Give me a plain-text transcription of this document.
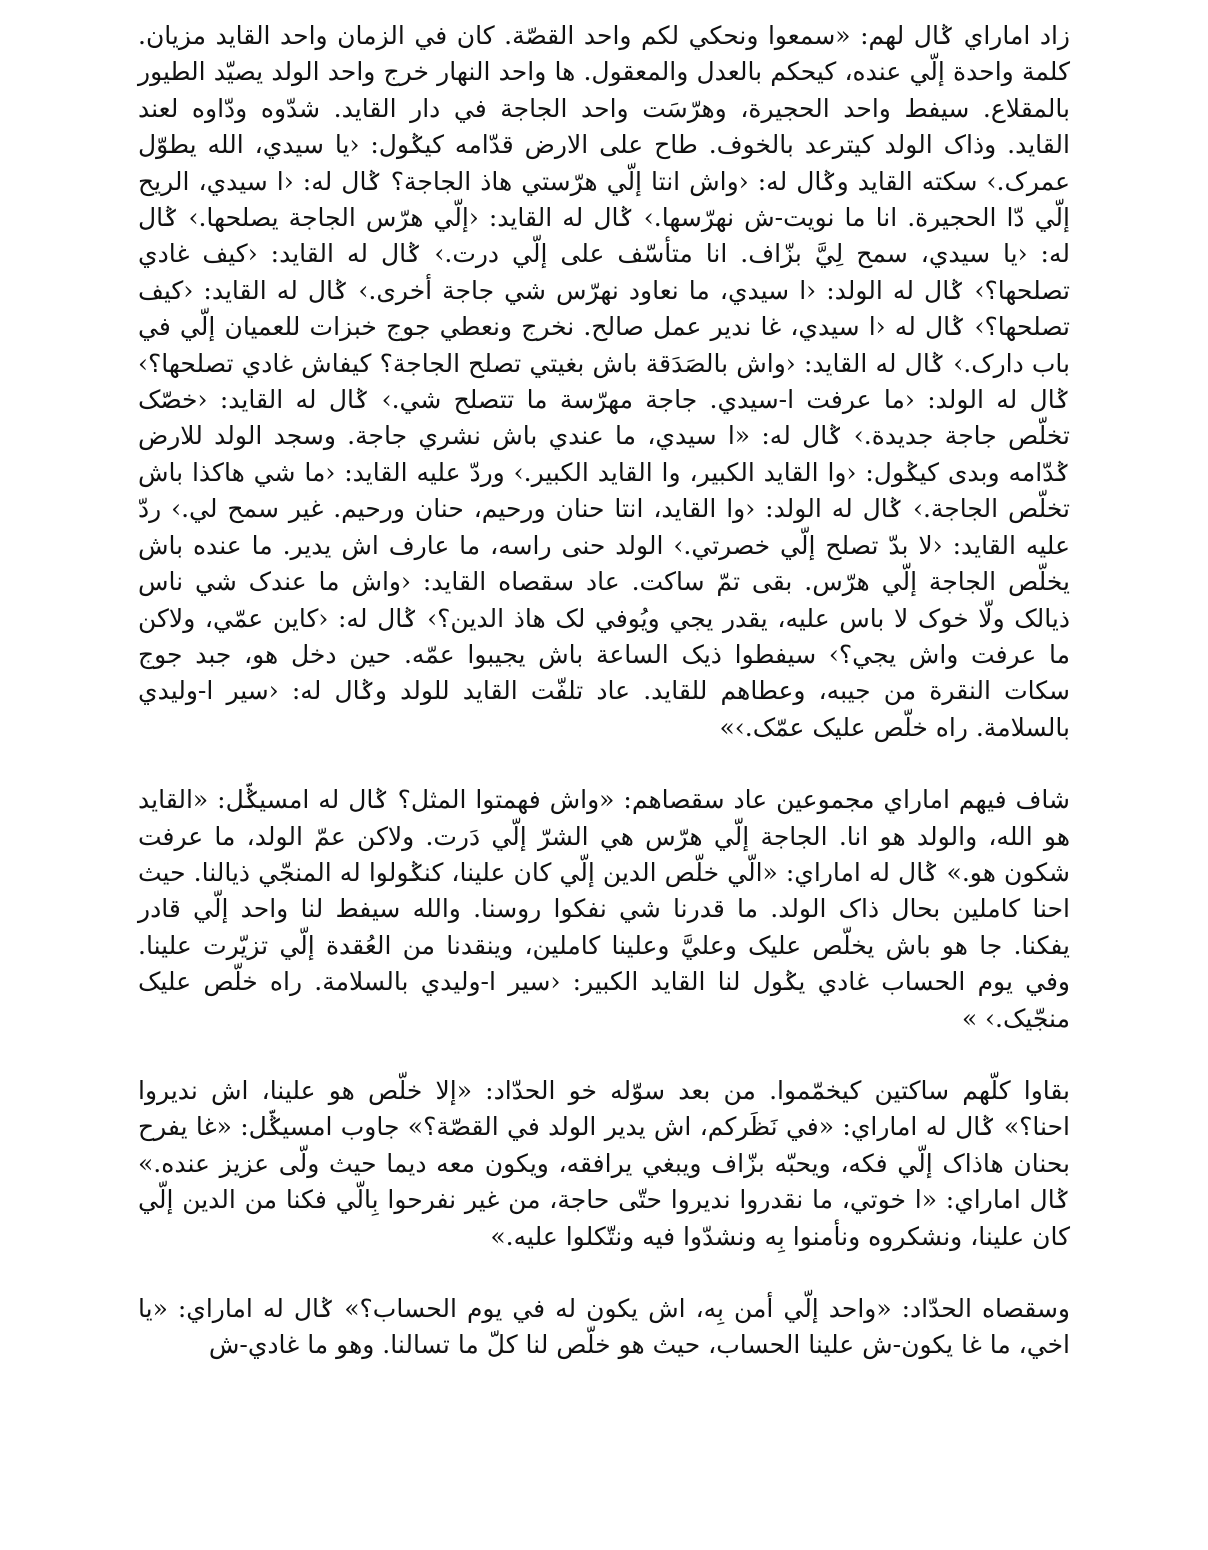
زاد اماراي ݣال لهم: «سمعوا ونحكي لكم واحد القصّة. كان في الزمان واحد القايد مزيان. كلمة واحدة إلّي عنده، كيحكم بالعدل والمعقول. ها واحد النهار خرج واحد الولد يصيّد الطيور بالمقلاع. سيفط واحد الحجيرة، وهرّسَت واحد الجاجة في دار القايد. شدّوه ودّاوه لعند القايد. وذاک الولد كيترعد بالخوف. طاح على الارض قدّامه كيݣول: ‹يا سيدي، الله يطوّل عمرک.› سكته القايد وݣال له: ‹واش انتا إلّي هرّستي هاذ الجاجة؟ ݣال له: ‹ا سيدي، الريح إلّي دّا الحجيرة. انا ما نويت-ش نهرّسها.› ݣال له القايد: ‹إلّي هرّس الجاجة يصلحها.› ݣال له: ‹يا سيدي، سمح لِيَّ بزّاف. انا متأسّف على إلّي درت.› ݣال له القايد: ‹كيف غادي تصلحها؟› ݣال له الولد: ‹ا سيدي، ما نعاود نهرّس شي جاجة أخرى.› ݣال له القايد: ‹كيف تصلحها؟› ݣال له ‹ا سيدي، غا ندير عمل صالح. نخرج ونعطي جوج خبزات للعميان إلّي في باب دارک.› ݣال له القايد: ‹واش بالصَدَقة باش بغيتي تصلح الجاجة؟ كيفاش غادي تصلحها؟› ݣال له الولد: ‹ما عرفت ا-سيدي. جاجة مهرّسة ما تتصلح شي.› ݣال له القايد: ‹خصّک تخلّص جاجة جديدة.› ݣال له: «ا سيدي، ما عندي باش نشري جاجة. وسجد الولد للارض ݣدّامه وبدى كيݣول: ‹وا القايد الكبير، وا القايد الكبير.› وردّ عليه القايد: ‹ما شي هاكذا باش تخلّص الجاجة.› ݣال له الولد: ‹وا القايد، انتا حنان ورحيم، حنان ورحيم. غير سمح لي.› ردّ عليه القايد: ‹لا بدّ تصلح إلّي خصرتي.› الولد حنى راسه، ما عارف اش يدير. ما عنده باش يخلّص الجاجة إلّي هرّس. بقى تمّ ساكت. عاد سقصاه القايد: ‹واش ما عندک شي ناس ذيالک ولّا خوک لا باس عليه، يقدر يجي ويُوفي لک هاذ الدين؟› ݣال له: ‹كاين عمّي، ولاكن ما عرفت واش يجي؟› سيفطوا ذيک الساعة باش يجيبوا عمّه. حين دخل هو، جبد جوج سكات النقرة من جيبه، وعطاهم للقايد. عاد تلفّت القايد للولد وݣال له: ‹سير ا-وليدي بالسلامة. راه خلّص عليک عمّک.›»

شاف فيهم اماراي مجموعين عاد سقصاهم: «واش فهمتوا المثل؟ ݣال له امسيݣّل: «القايد هو الله، والولد هو انا. الجاجة إلّي هرّس هي الشرّ إلّي دَرت. ولاكن عمّ الولد، ما عرفت شكون هو.» ݣال له اماراي: «الّي خلّص الدين إلّي كان علينا، كنݣولوا له المنجّي ذيالنا. حيث احنا كاملين بحال ذاک الولد. ما قدرنا شي نفكوا روسنا. والله سيفط لنا واحد إلّي قادر يفكنا. جا هو باش يخلّص عليک وعليَّ وعلينا كاملين، وينقدنا من العُقدة إلّي تزيّرت علينا. وفي يوم الحساب غادي يݣول لنا القايد الكبير: ‹سير ا-وليدي بالسلامة. راه خلّص عليک منجّيک.› »

بقاوا كلّهم ساكتين كيخمّموا. من بعد سوّله خو الحدّاد: «إلا خلّص هو علينا، اش نديروا احنا؟» ݣال له اماراي: «في نَظَركم، اش يدير الولد في القصّة؟» جاوب امسيݣّل: «غا يفرح بحنان هاذاک إلّي فكه، ويحبّه بزّاف ويبغي يرافقه، ويكون معه ديما حيث ولّى عزيز عنده.» ݣال اماراي: «ا خوتي، ما نقدروا نديروا حتّى حاجة، من غير نفرحوا بِالّي فكنا من الدين إلّي كان علينا، ونشكروه ونأمنوا بِه ونشدّوا فيه ونتّكلوا عليه.»

وسقصاه الحدّاد: «واحد إلّي أمن بِه، اش يكون له في يوم الحساب؟» ݣال له اماراي: «يا اخي، ما غا يكون-ش علينا الحساب، حيث هو خلّص لنا كلّ ما تسالنا. وهو ما غادي-ش
